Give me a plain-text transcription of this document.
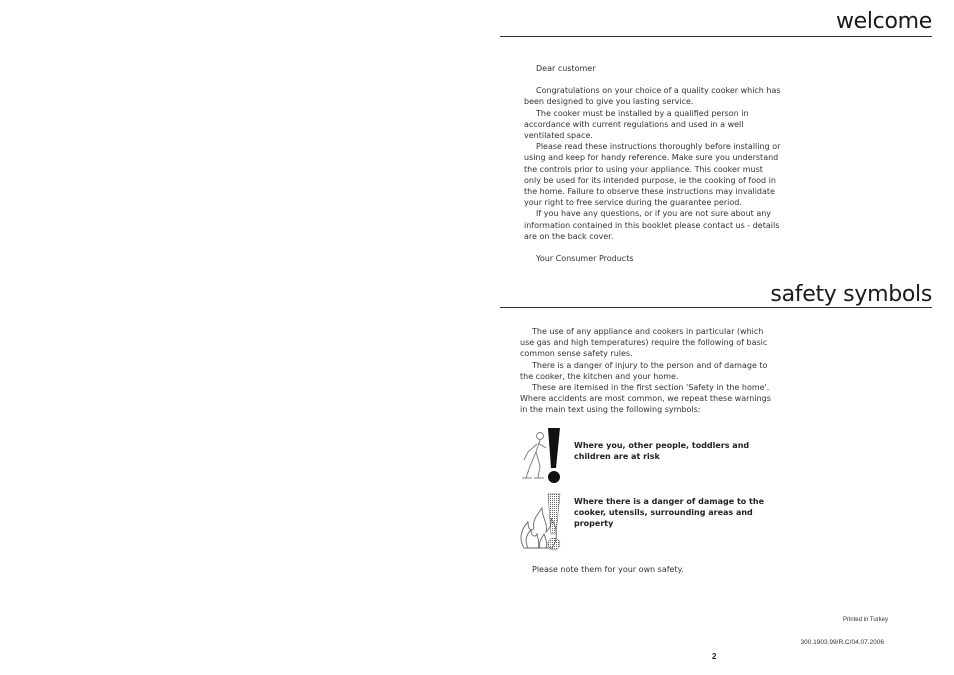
welcome

Dear customer

Congratulations on your choice of a quality cooker which has been designed to give you lasting service.

The cooker must be installed by a qualified person in accordance with current regulations and used in a well ventilated space.

Please read these instructions thoroughly before installing or using and keep for handy reference. Make sure you understand the controls prior to using your appliance. This cooker must only be used for its intended purpose, ie the cooking of food in the home. Failure to observe these instructions may invalidate your right to free service during the guarantee period.

If you have any questions, or if you are not sure about any information contained in this booklet please contact us - details are on the back cover.

Your Consumer Products

safety symbols

The use of any appliance and cookers in particular (which use gas and high temperatures) require the following of basic common sense safety rules.

There is a danger of injury to the person and of damage to the cooker, the kitchen and your home.

These are itemised in the first section 'Safety in the home'. Where accidents are most common, we repeat these warnings in the main text using the following symbols:

Where you, other people, toddlers and children are at risk
Where there is a danger of damage to the cooker, utensils, surrounding areas and property

Please note them for your own safety.

Printed in Turkey
300.1903.99/R.C/04.07.2006
2
